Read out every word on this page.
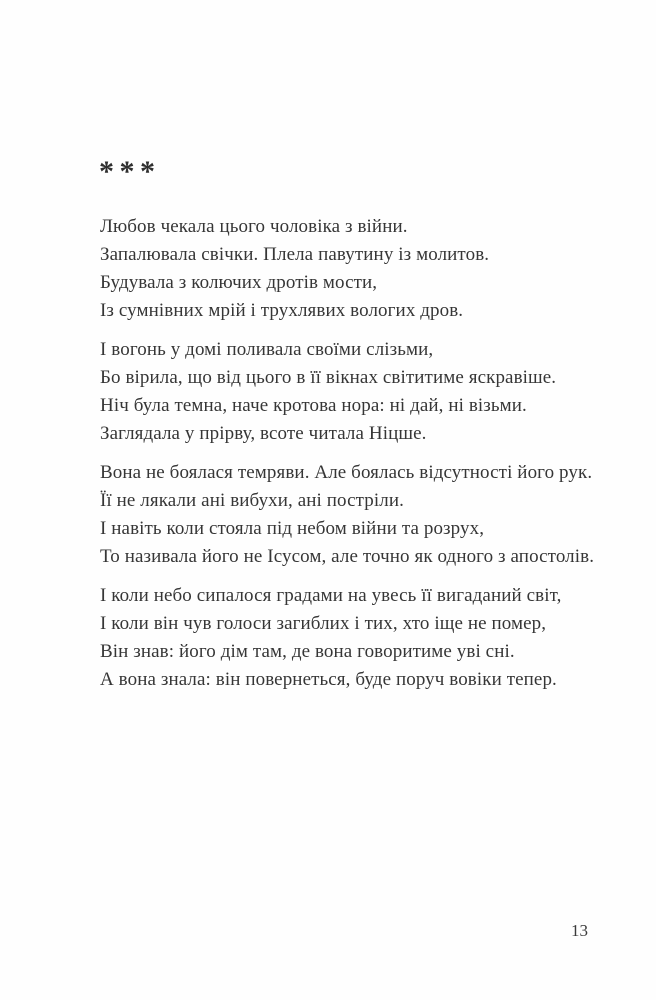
* * *
Любов чекала цього чоловіка з війни.
Запалювала свічки. Плела павутину із молитов.
Будувала з колючих дротів мости,
Із сумнівних мрій і трухлявих вологих дров.
І вогонь у домі поливала своїми слізьми,
Бо вірила, що від цього в її вікнах світитиме яскравіше.
Ніч була темна, наче кротова нора: ні дай, ні візьми.
Заглядала у прірву, всоте читала Ніцше.
Вона не боялася темряви. Але боялась відсутності його рук.
Її не лякали ані вибухи, ані постріли.
І навіть коли стояла під небом війни та розрух,
То називала його не Ісусом, але точно як одного з апостолів.
І коли небо сипалося градами на увесь її вигаданий світ,
І коли він чув голоси загиблих і тих, хто іще не помер,
Він знав: його дім там, де вона говоритиме уві сні.
А вона знала: він повернеться, буде поруч вовіки тепер.
13
